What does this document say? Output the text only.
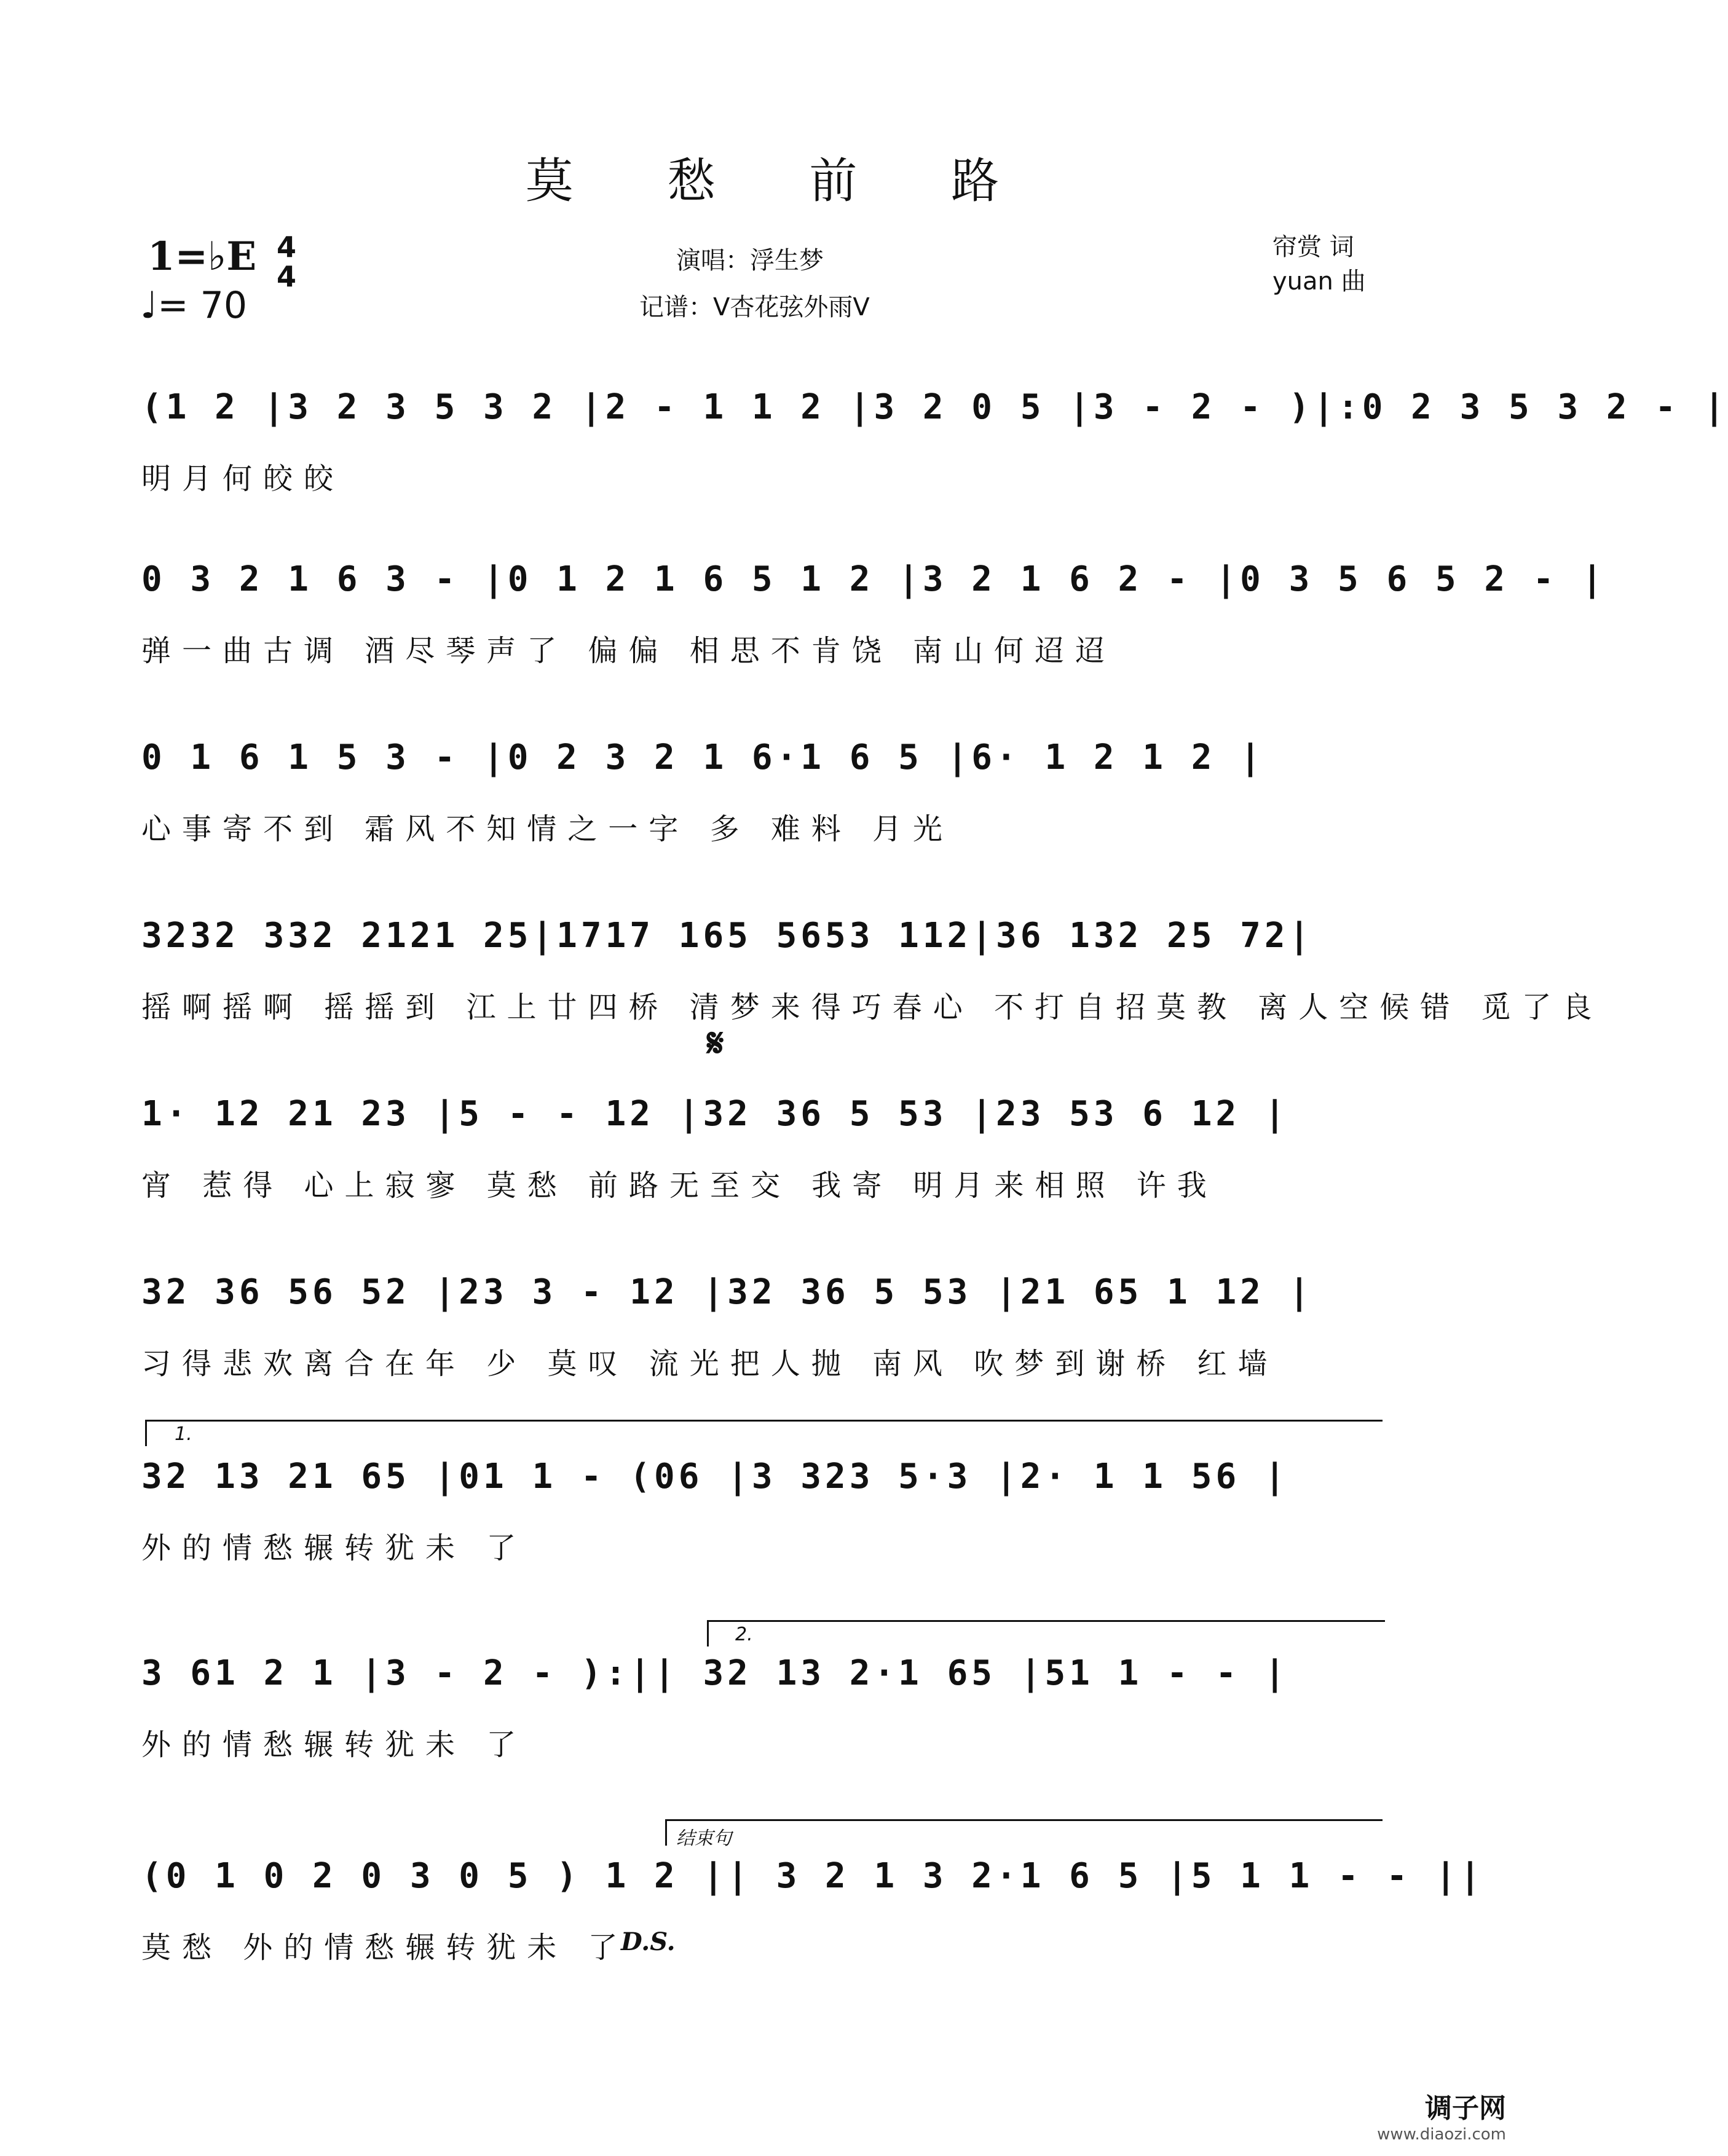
莫 愁 前 路
1=♭E 4
4
♩= 70
演唱：浮生梦
记谱：V杏花弦外雨V
帘赏 词
yuan 曲
(1 2 |3 2 3 5 3 2 |2 - 1 1 2 |3 2 0 5 |3 - 2 - )|:0 2 3 5 3 2 - |
明月何皎皎
0 3 2 1 6 3 - |0 1 2 1 6 5 1 2 |3 2 1 6 2 - |0 3 5 6 5 2 - |
弹一曲古调 酒尽琴声了 偏偏 相思不肯饶 南山何迢迢
0 1 6 1 5 3 - |0 2 3 2 1 6·1 6 5 |6· 1 2 1 2 |
心事寄不到 霜风不知情之一字 多 难料 月光
3232 332 2121 25|1717 165 5653 112|36 132 25 72|
摇啊摇啊 摇摇到 江上廿四桥 清梦来得巧春心 不打自招莫教 离人空候错 觅了良
𝄋
1· 12 21 23 |5 - - 12 |32 36 5 53 |23 53 6 12 |
宵 惹得 心上寂寥 莫愁 前路无至交 我寄 明月来相照 许我
32 36 56 52 |23 3 - 12 |32 36 5 53 |21 65 1 12 |
习得悲欢离合在年 少 莫叹 流光把人抛 南风 吹梦到谢桥 红墙
1.
32 13 21 65 |01 1 - (06 |3 323 5·3 |2· 1 1 56 |
外的情愁辗转犹未 了
2.
3 61 2 1 |3 - 2 - ):|| 32 13 2·1 65 |51 1 - - |
外的情愁辗转犹未 了
结束句
(0 1 0 2 0 3 0 5 ) 1 2 || 3 2 1 3 2·1 6 5 |5 1 1 - - ||
莫愁 外的情愁辗转犹未 了
D.S.
调子网
www.diaozi.com
